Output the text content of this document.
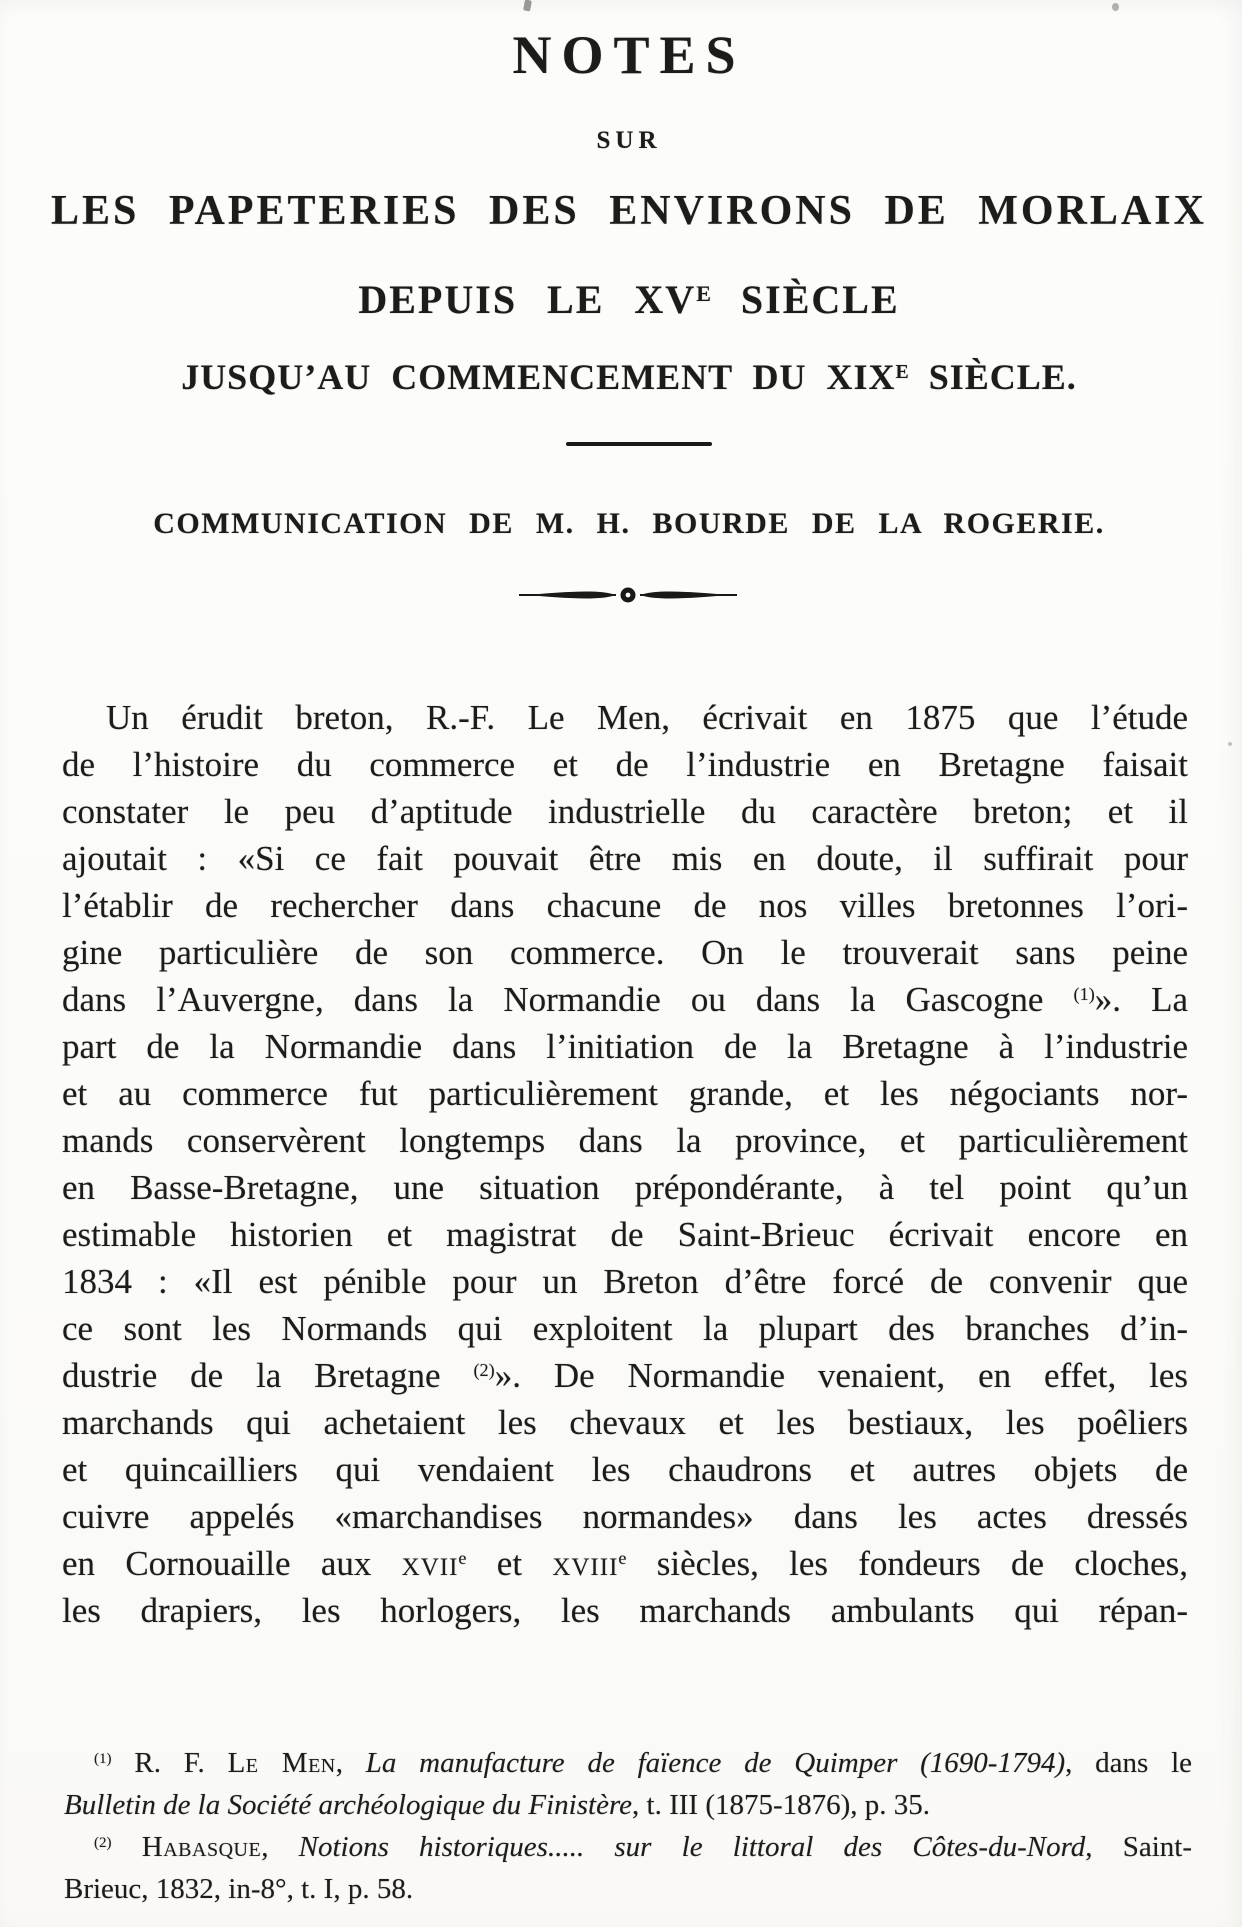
NOTES
SUR
LES PAPETERIES DES ENVIRONS DE MORLAIX
DEPUIS LE $XV^E$ SIÈCLE
JUSQU’AU COMMENCEMENT DU $XIX^E$ SIÈCLE.
COMMUNICATION DE M. H. BOURDE DE LA ROGERIE.
Un érudit breton, R.-F. Le Men, écrivait en 1875 que l’étude
de l’histoire du commerce et de l’industrie en Bretagne faisait
constater le peu d’aptitude industrielle du caractère breton; et il
ajoutait : «Si ce fait pouvait être mis en doute, il suffirait pour
l’établir de rechercher dans chacune de nos villes bretonnes l’ori-
gine particulière de son commerce. On le trouverait sans peine
dans l’Auvergne, dans la Normandie ou dans la Gascogne $^{(1)}$». La
part de la Normandie dans l’initiation de la Bretagne à l’industrie
et au commerce fut particulièrement grande, et les négociants nor-
mands conservèrent longtemps dans la province, et particulièrement
en Basse-Bretagne, une situation prépondérante, à tel point qu’un
estimable historien et magistrat de Saint-Brieuc écrivait encore en
1834 : «Il est pénible pour un Breton d’être forcé de convenir que
ce sont les Normands qui exploitent la plupart des branches d’in-
dustrie de la Bretagne $^{(2)}$». De Normandie venaient, en effet, les
marchands qui achetaient les chevaux et les bestiaux, les poêliers
et quincailliers qui vendaient les chaudrons et autres objets de
cuivre appelés «marchandises normandes» dans les actes dressés
en Cornouaille aux xvii$^e$ et xviii$^e$ siècles, les fondeurs de cloches,
les drapiers, les horlogers, les marchands ambulants qui répan-
$^{(1)}$ R. F. Le Men, La manufacture de faïence de Quimper (1690-1794), dans le
Bulletin de la Société archéologique du Finistère, t. III (1875-1876), p. 35.
$^{(2)}$ Habasque, Notions historiques..... sur le littoral des Côtes-du-Nord, Saint-
Brieuc, 1832, in-8°, t. I, p. 58.
